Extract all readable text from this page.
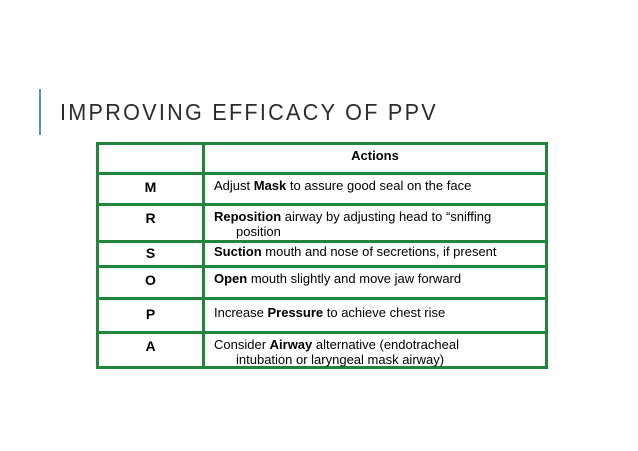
IMPROVING EFFICACY OF PPV
Actions
M	Adjust Mask to assure good seal on the face
R	Reposition airway by adjusting head to “sniffing
position
S	Suction mouth and nose of secretions, if present
O	Open mouth slightly and move jaw forward
P	Increase Pressure to achieve chest rise
A	Consider Airway alternative (endotracheal
intubation or laryngeal mask airway)
